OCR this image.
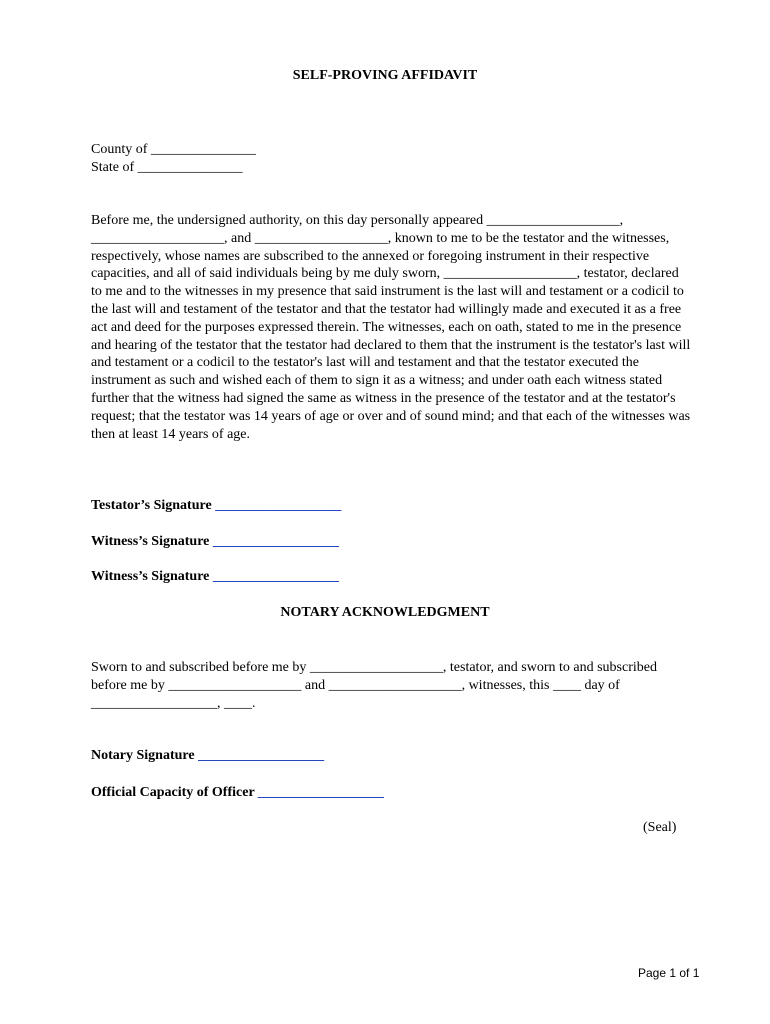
SELF-PROVING AFFIDAVIT
County of _______________
State of _______________
Before me, the undersigned authority, on this day personally appeared ___________________, ___________________, and ___________________, known to me to be the testator and the witnesses, respectively, whose names are subscribed to the annexed or foregoing instrument in their respective capacities, and all of said individuals being by me duly sworn, ___________________, testator, declared to me and to the witnesses in my presence that said instrument is the last will and testament or a codicil to the last will and testament of the testator and that the testator had willingly made and executed it as a free act and deed for the purposes expressed therein. The witnesses, each on oath, stated to me in the presence and hearing of the testator that the testator had declared to them that the instrument is the testator's last will and testament or a codicil to the testator's last will and testament and that the testator executed the instrument as such and wished each of them to sign it as a witness; and under oath each witness stated further that the witness had signed the same as witness in the presence of the testator and at the testator's request; that the testator was 14 years of age or over and of sound mind; and that each of the witnesses was then at least 14 years of age.
Testator’s Signature __________________
Witness’s Signature __________________
Witness’s Signature __________________
NOTARY ACKNOWLEDGMENT
Sworn to and subscribed before me by ___________________, testator, and sworn to and subscribed before me by ___________________ and ___________________, witnesses, this ____ day of __________________, ____.
Notary Signature __________________
Official Capacity of Officer __________________
(Seal)
Page 1 of 1
